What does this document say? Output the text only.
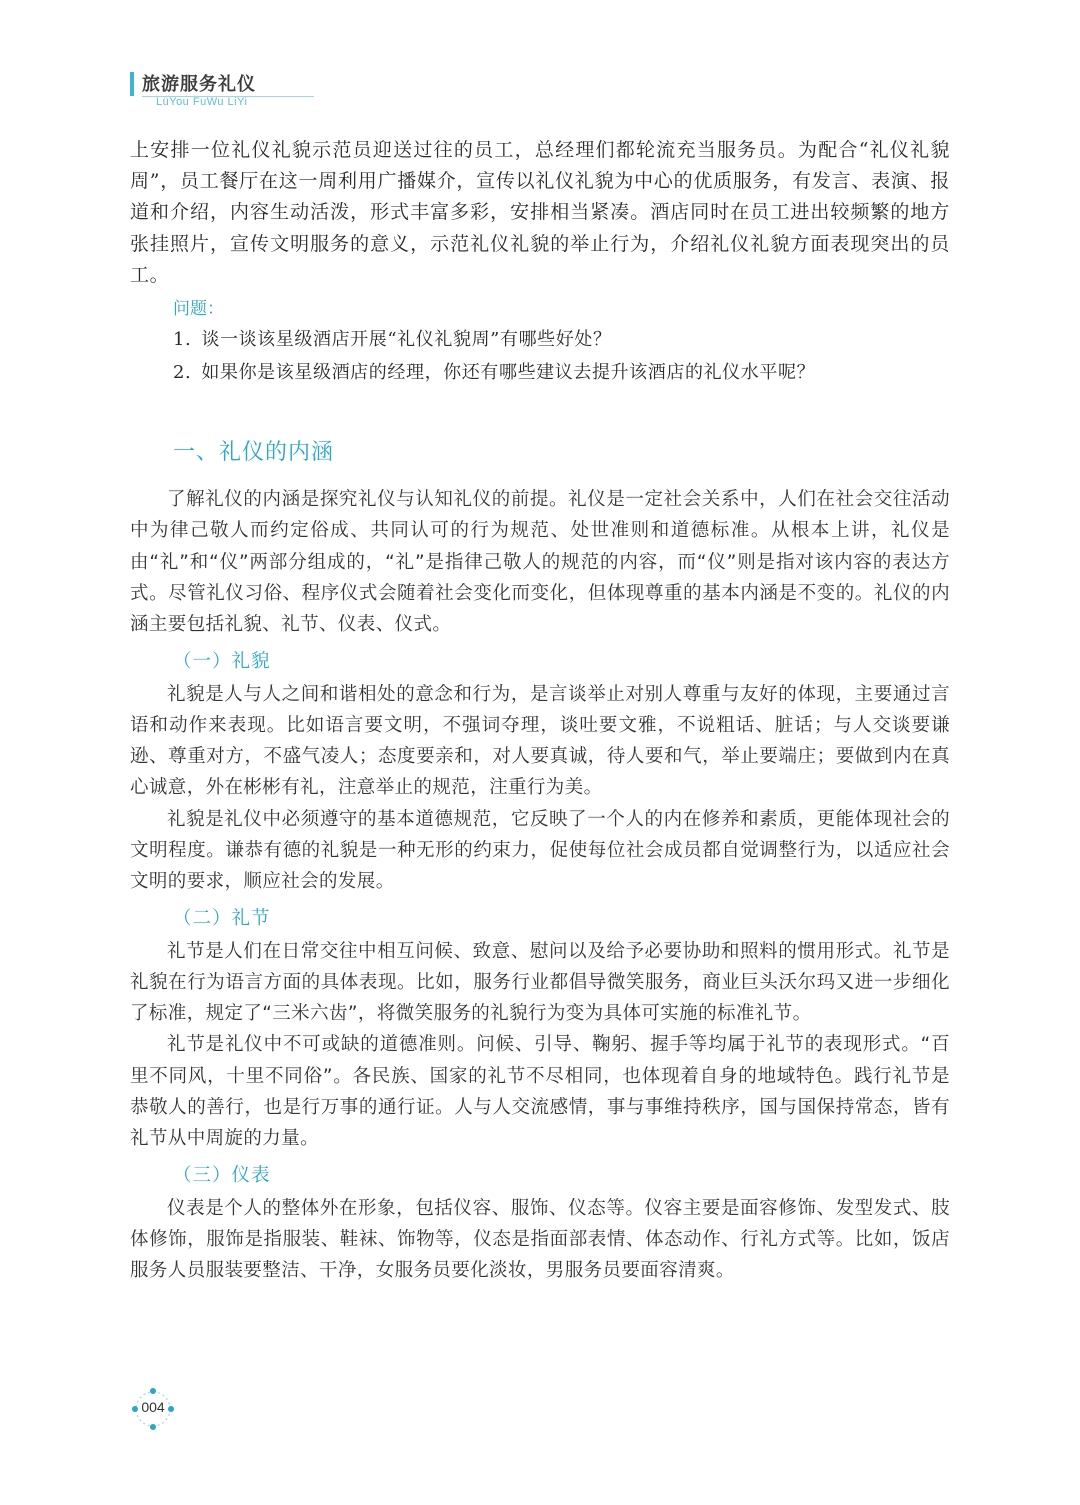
旅游服务礼仪
LüYou FuWu LiYi

上安排一位礼仪礼貌示范员迎送过往的员工，总经理们都轮流充当服务员。为配合“礼仪礼貌周”，员工餐厅在这一周利用广播媒介，宣传以礼仪礼貌为中心的优质服务，有发言、表演、报道和介绍，内容生动活泼，形式丰富多彩，安排相当紧凑。酒店同时在员工进出较频繁的地方张挂照片，宣传文明服务的意义，示范礼仪礼貌的举止行为，介绍礼仪礼貌方面表现突出的员工。

问题：
1. 谈一谈该星级酒店开展“礼仪礼貌周”有哪些好处？
2. 如果你是该星级酒店的经理，你还有哪些建议去提升该酒店的礼仪水平呢？
一、礼仪的内涵

了解礼仪的内涵是探究礼仪与认知礼仪的前提。礼仪是一定社会关系中，人们在社会交往活动中为律己敬人而约定俗成、共同认可的行为规范、处世准则和道德标准。从根本上讲，礼仪是由“礼”和“仪”两部分组成的，“礼”是指律己敬人的规范的内容，而“仪”则是指对该内容的表达方式。尽管礼仪习俗、程序仪式会随着社会变化而变化，但体现尊重的基本内涵是不变的。礼仪的内涵主要包括礼貌、礼节、仪表、仪式。

（一）礼貌

礼貌是人与人之间和谐相处的意念和行为，是言谈举止对别人尊重与友好的体现，主要通过言语和动作来表现。比如语言要文明，不强词夺理，谈吐要文雅，不说粗话、脏话；与人交谈要谦逊、尊重对方，不盛气凌人；态度要亲和，对人要真诚，待人要和气，举止要端庄；要做到内在真心诚意，外在彬彬有礼，注意举止的规范，注重行为美。

礼貌是礼仪中必须遵守的基本道德规范，它反映了一个人的内在修养和素质，更能体现社会的文明程度。谦恭有德的礼貌是一种无形的约束力，促使每位社会成员都自觉调整行为，以适应社会文明的要求，顺应社会的发展。

（二）礼节

礼节是人们在日常交往中相互问候、致意、慰问以及给予必要协助和照料的惯用形式。礼节是礼貌在行为语言方面的具体表现。比如，服务行业都倡导微笑服务，商业巨头沃尔玛又进一步细化了标准，规定了“三米六齿”，将微笑服务的礼貌行为变为具体可实施的标准礼节。

礼节是礼仪中不可或缺的道德准则。问候、引导、鞠躬、握手等均属于礼节的表现形式。“百里不同风，十里不同俗”。各民族、国家的礼节不尽相同，也体现着自身的地域特色。践行礼节是恭敬人的善行，也是行万事的通行证。人与人交流感情，事与事维持秩序，国与国保持常态，皆有礼节从中周旋的力量。

（三）仪表

仪表是个人的整体外在形象，包括仪容、服饰、仪态等。仪容主要是面容修饰、发型发式、肢体修饰，服饰是指服装、鞋袜、饰物等，仪态是指面部表情、体态动作、行礼方式等。比如，饭店服务人员服装要整洁、干净，女服务员要化淡妆，男服务员要面容清爽。

004
